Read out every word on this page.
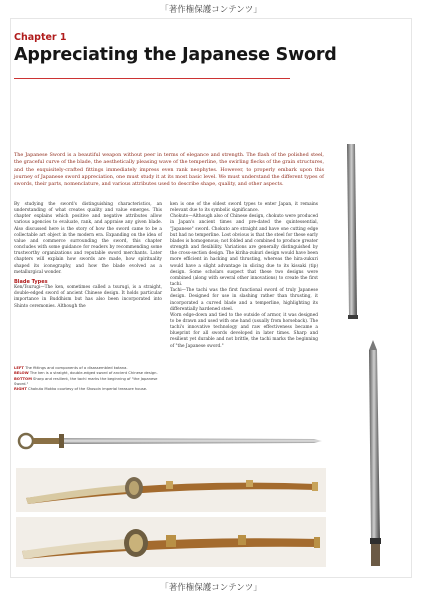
「著作権保護コンテンツ」
Chapter 1
Appreciating the Japanese Sword
The Japanese Sword is a beautiful weapon without peer in terms of elegance and strength. The flash of the polished steel, the graceful curve of the blade, the aesthetically pleasing wave of the temperline, the swirling flecks of the grain structures, and the exquisitely-crafted fittings immediately impress even rank neophytes. However, to properly embark upon this journey of Japanese sword appreciation, one must study it at its most basic level. We must understand the different types of swords, their parts, nomenclature, and various attributes used to describe shape, quality, and other aspects.

By studying the sword's distinguishing characteristics, an understanding of what creates quality and value emerges. This chapter explains which positive and negative attributes allow various agencies to evaluate, rank, and appraise any given blade. Also discussed here is the story of how the sword came to be a collectable art object in the modern era. Expanding on the idea of value and commerce surrounding the sword, this chapter concludes with some guidance for readers by recommending some trustworthy organizations and reputable sword merchants. Later chapters will explain how swords are made, how spirituality shaped its iconography, and how the blade evolved as a metallurgical wonder.

Blade Types

Ken/Tsurugi—The ken, sometimes called a tsurugi, is a straight, double-edged sword of ancient Chinese design. It holds particular importance in Buddhism but has also been incorporated into Shinto ceremonies. Although the

ken is one of the oldest sword types to enter Japan, it remains relevant due to its symbolic significance.

Chokuto—Although also of Chinese design, chokuto were produced in Japan's ancient times and pre-dated the quintessential, "Japanese" sword. Chokuto are straight and have one cutting edge but had no temperline. Lost obvious is that the steel for these early blades is homogenous; not folded and combined to produce greater strength and flexibility. Variations are generally distinguished by the cross-section design. The kiriha-zukuri design would have been more efficient in hacking and thrusting, whereas the hira-zukuri would have a slight advantage in slicing due to its kissaki (tip) design. Some scholars suspect that these two designs were combined (along with several other innovations) to create the first tachi.

Tachi—The tachi was the first functional sword of truly Japanese design. Designed for use in slashing rather than thrusting, it incorporated a curved blade and a temperline, highlighting its differentially hardened steel.

Worn edge-down and tied to the outside of armor, it was designed to be drawn and used with one hand (usually from horseback). The tachi's innovative technology and raw effectiveness became a blueprint for all swords developed in later times. Sharp and resilient yet durable and not brittle, the tachi marks the beginning of "the Japanese sword."

LEFT The fittings and components of a disassembled katana.
BELOW The ken is a straight, double-edged sword of ancient Chinese design.
BOTTOM Sharp and resilient, the tachi marks the beginning of "the Japanese Sword."
RIGHT Chokuto Mokko courtesy of the Shosoin imperial treasure house.
「著作権保護コンテンツ」
